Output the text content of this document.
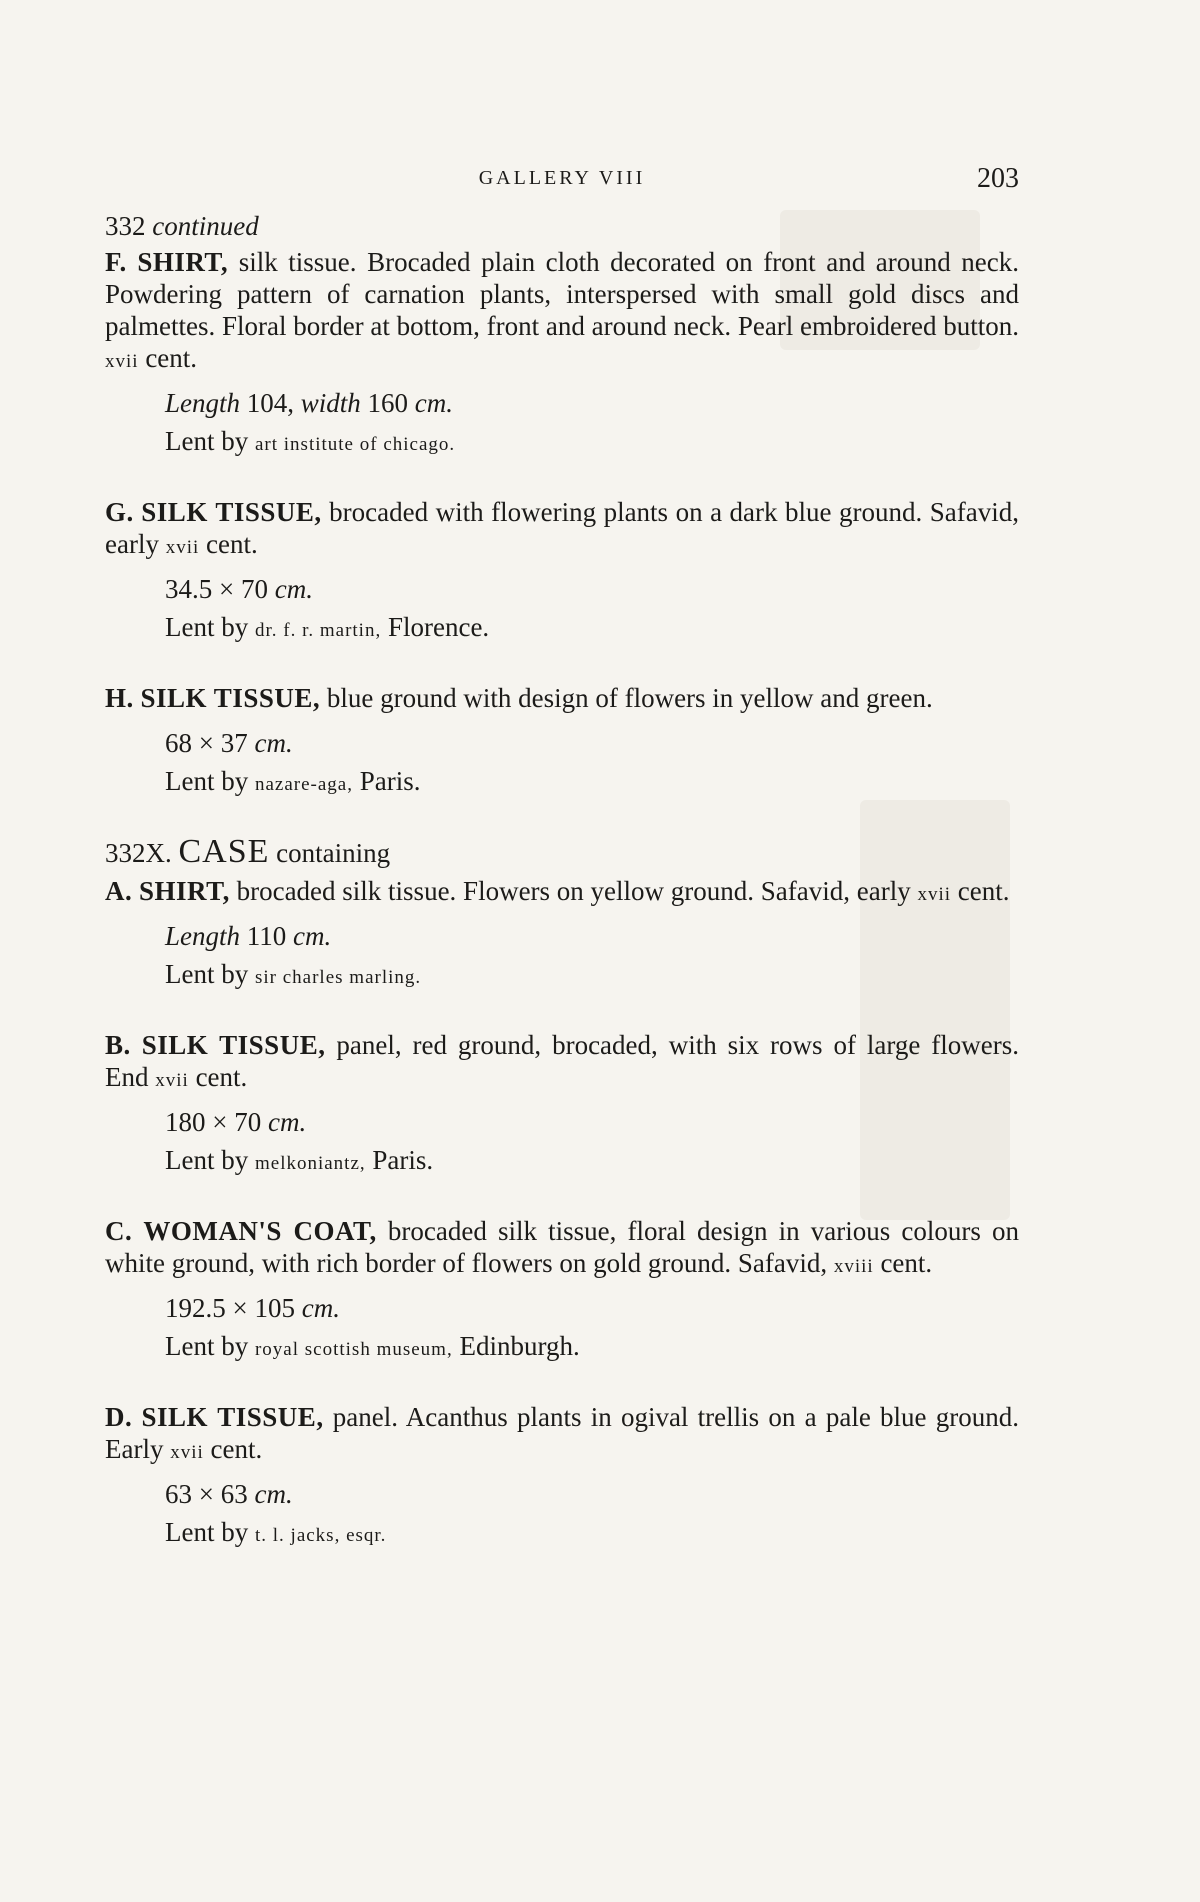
GALLERY VIII	203

332 continued

F. SHIRT, silk tissue. Brocaded plain cloth decorated on front and around neck. Powdering pattern of carnation plants, interspersed with small gold discs and palmettes. Floral border at bottom, front and around neck. Pearl embroidered button. xvii cent.

Length 104, width 160 cm.

Lent by art institute of chicago.

G. SILK TISSUE, brocaded with flowering plants on a dark blue ground. Safavid, early xvii cent.

34.5 × 70 cm.

Lent by dr. f. r. martin, Florence.

H. SILK TISSUE, blue ground with design of flowers in yellow and green.

68 × 37 cm.

Lent by nazare-aga, Paris.

332X. CASE containing

A. SHIRT, brocaded silk tissue. Flowers on yellow ground. Safavid, early xvii cent.

Length 110 cm.

Lent by sir charles marling.

B. SILK TISSUE, panel, red ground, brocaded, with six rows of large flowers. End xvii cent.

180 × 70 cm.

Lent by melkoniantz, Paris.

C. WOMAN'S COAT, brocaded silk tissue, floral design in various colours on white ground, with rich border of flowers on gold ground. Safavid, xviii cent.

192.5 × 105 cm.

Lent by royal scottish museum, Edinburgh.

D. SILK TISSUE, panel. Acanthus plants in ogival trellis on a pale blue ground. Early xvii cent.

63 × 63 cm.

Lent by t. l. jacks, esqr.
